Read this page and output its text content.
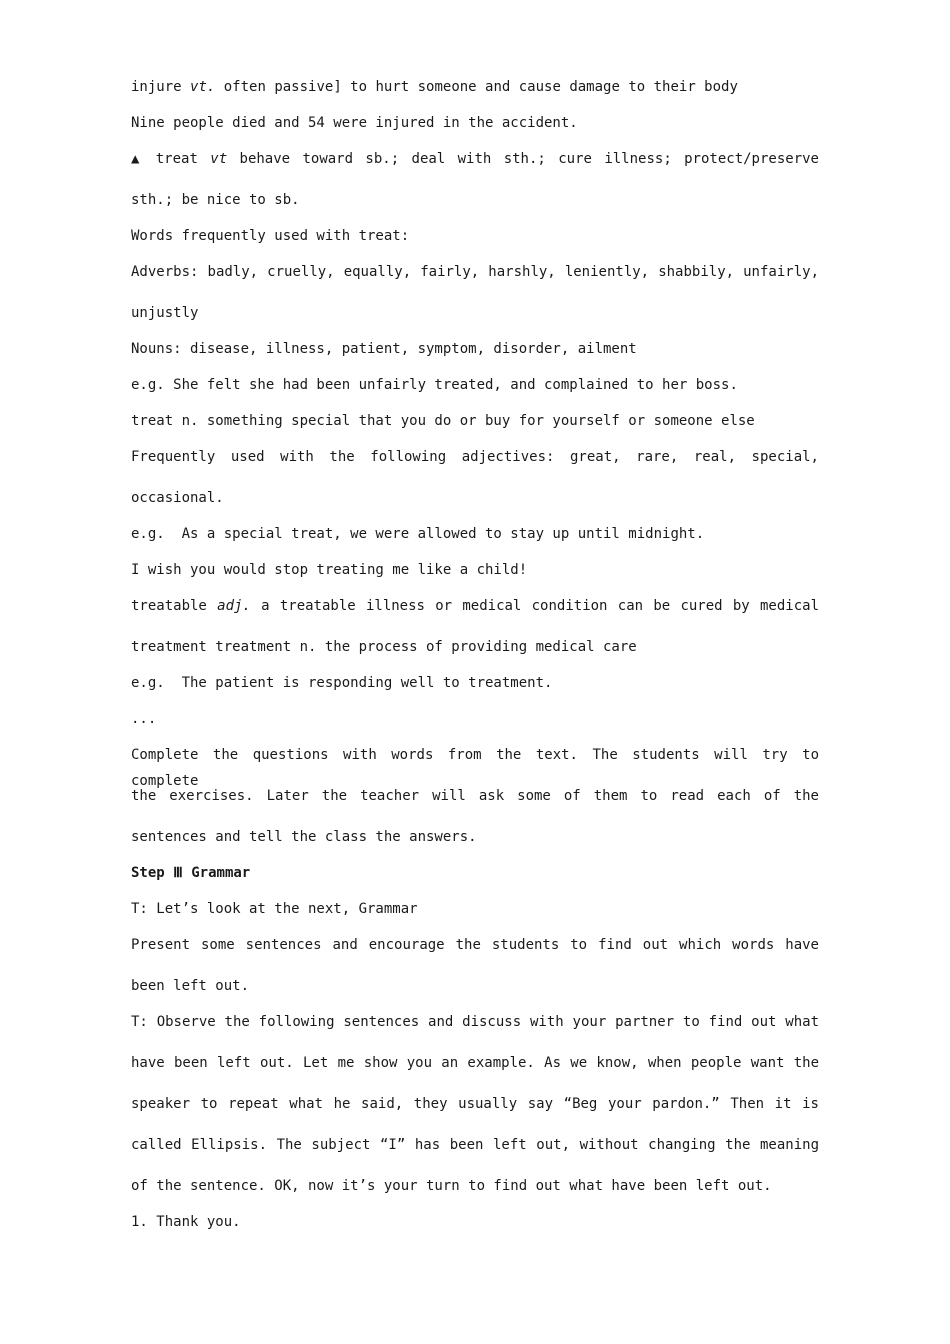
injure vt. often passive] to hurt someone and cause damage to their body
Nine people died and 54 were injured in the accident.
▲ treat vt behave toward sb.; deal with sth.; cure illness; protect/preserve
sth.; be nice to sb.
Words frequently used with treat:
Adverbs: badly, cruelly, equally, fairly, harshly, leniently, shabbily, unfairly,
unjustly
Nouns: disease, illness, patient, symptom, disorder, ailment
e.g. She felt she had been unfairly treated, and complained to her boss.
treat n. something special that you do or buy for yourself or someone else
Frequently used with the following adjectives: great, rare, real, special,
occasional.
e.g.  As a special treat, we were allowed to stay up until midnight.
I wish you would stop treating me like a child!
treatable adj. a treatable illness or medical condition can be cured by medical
treatment treatment n. the process of providing medical care
e.g.  The patient is responding well to treatment.
...
Complete the questions with words from the text. The students will try to complete
the exercises. Later the teacher will ask some of them to read each of the
sentences and tell the class the answers.
Step Ⅲ Grammar
T: Let’s look at the next, Grammar
Present some sentences and encourage the students to find out which words have
been left out.
T: Observe the following sentences and discuss with your partner to find out what
have been left out. Let me show you an example. As we know, when people want the
speaker to repeat what he said, they usually say “Beg your pardon.” Then it is
called Ellipsis. The subject “I” has been left out, without changing the meaning
of the sentence. OK, now it’s your turn to find out what have been left out.
1. Thank you.
